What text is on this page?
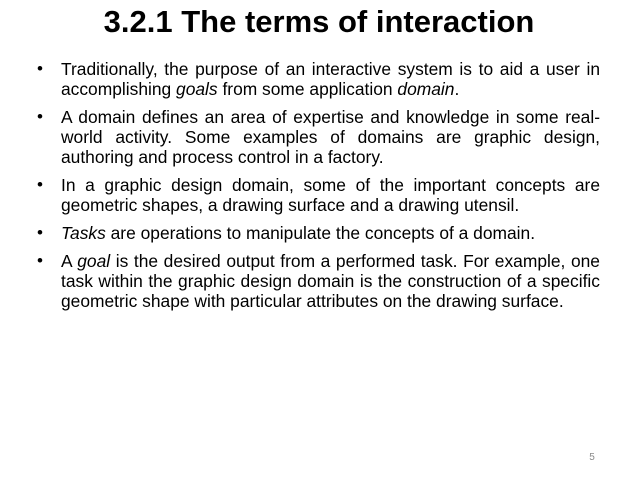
3.2.1 The terms of interaction
• Traditionally, the purpose of an interactive system is to aid a user in accomplishing goals from some application domain.
• A domain defines an area of expertise and knowledge in some real-world activity. Some examples of domains are graphic design, authoring and process control in a factory.
• In a graphic design domain, some of the important concepts are geometric shapes, a drawing surface and a drawing utensil.
• Tasks are operations to manipulate the concepts of a domain.
• A goal is the desired output from a performed task. For example, one task within the graphic design domain is the construction of a specific geometric shape with particular attributes on the drawing surface.
5
